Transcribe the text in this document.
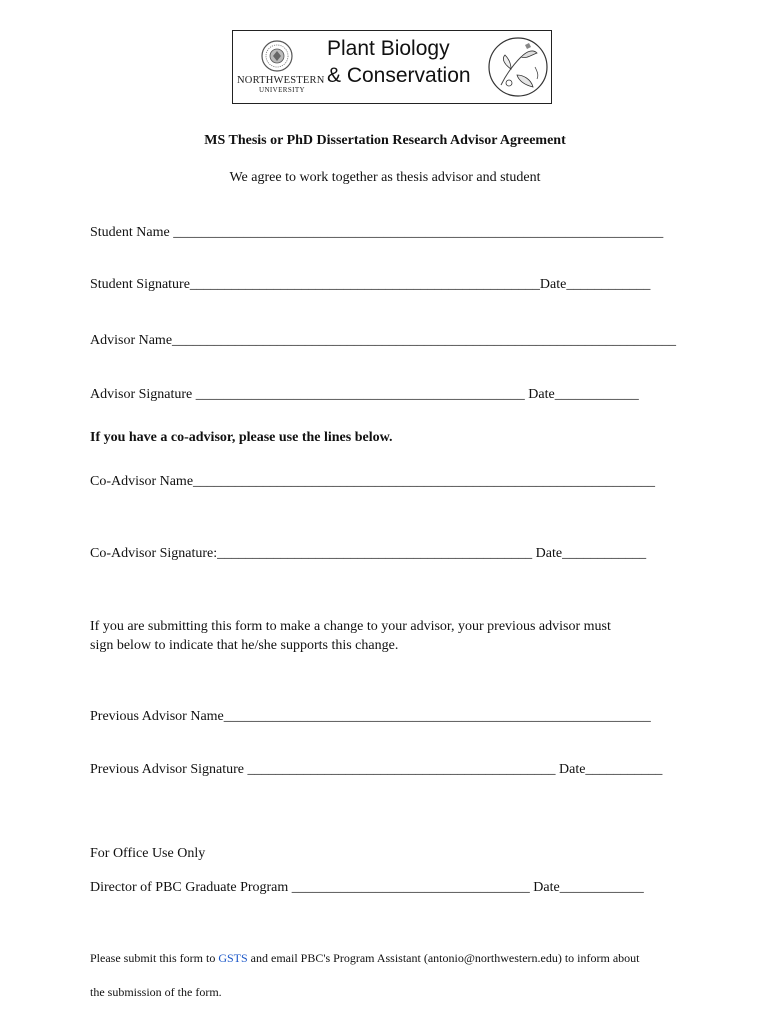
NORTHWESTERN
UNIVERSITY
Plant Biology
& Conservation
MS Thesis or PhD Dissertation Research Advisor Agreement
We agree to work together as thesis advisor and student
Student Name ______________________________________________________________________
Student Signature__________________________________________________Date____________
Advisor Name________________________________________________________________________
Advisor Signature _______________________________________________ Date____________
If you have a co-advisor, please use the lines below.
Co-Advisor Name__________________________________________________________________
Co-Advisor Signature:_____________________________________________ Date____________
If you are submitting this form to make a change to your advisor, your previous advisor must
sign below to indicate that he/she supports this change.
Previous Advisor Name_____________________________________________________________
Previous Advisor Signature ____________________________________________ Date___________
For Office Use Only
Director of PBC Graduate Program __________________________________ Date____________
Please submit this form to GSTS and email PBC's Program Assistant (antonio@northwestern.edu) to inform about
the submission of the form.
